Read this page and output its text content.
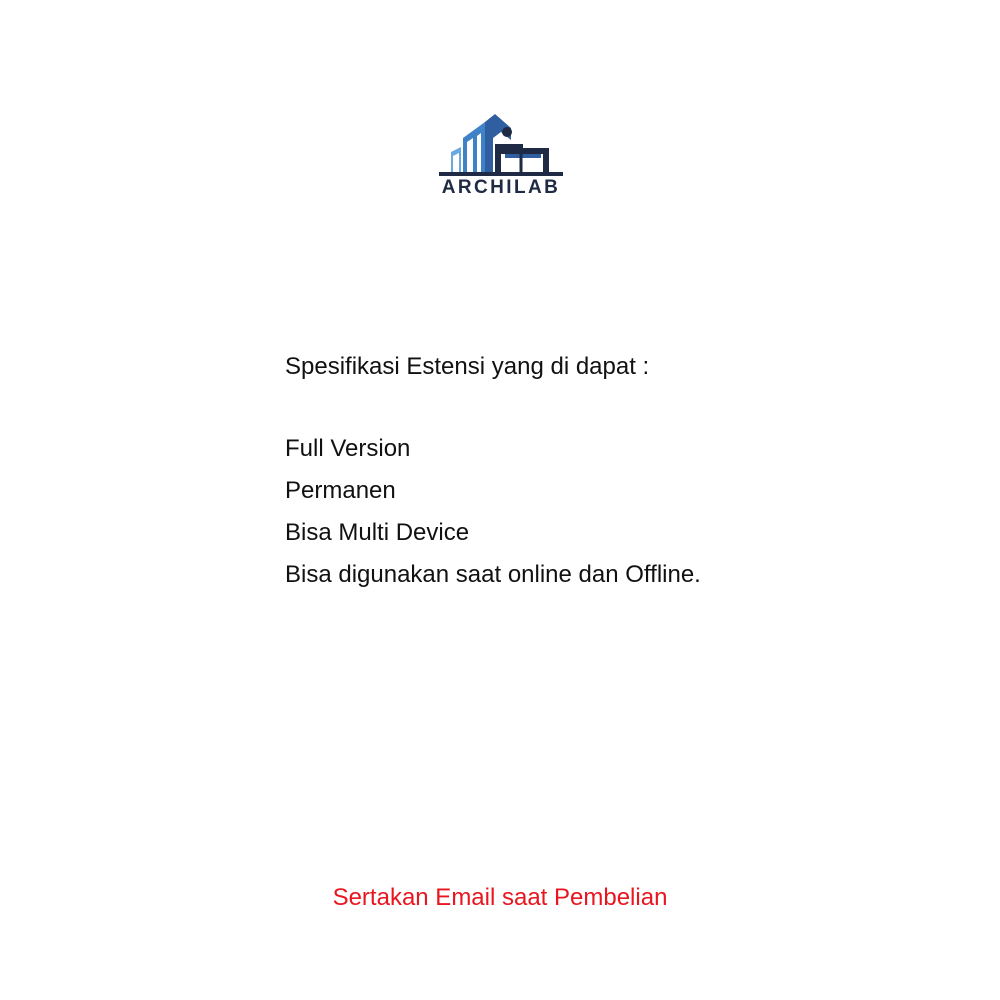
ARCHILAB

Spesifikasi Estensi yang di dapat :

Full Version
Permanen
Bisa Multi Device
Bisa digunakan saat online dan Offline.
Sertakan Email saat Pembelian
